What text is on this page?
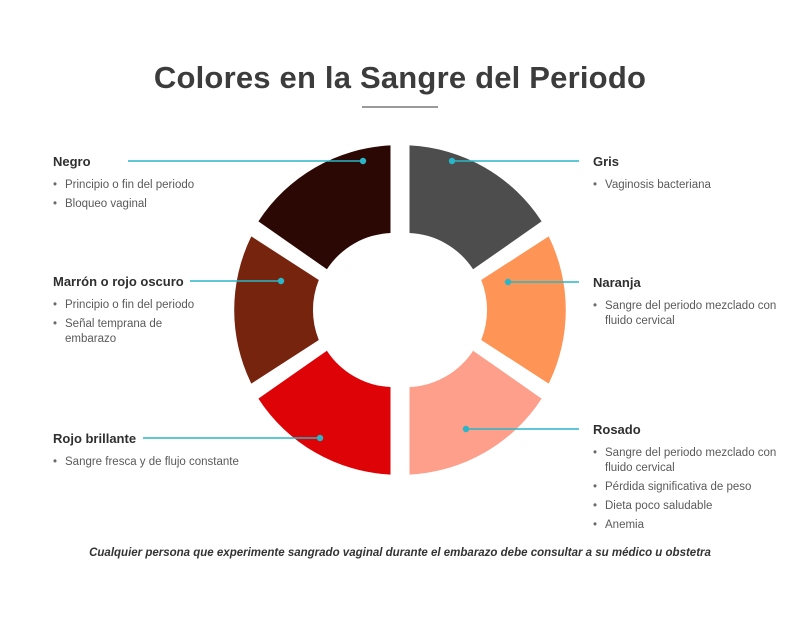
Colores en la Sangre del Periodo
Negro
• Principio o fin del periodo
• Bloqueo vaginal
Marrón o rojo oscuro
• Principio o fin del periodo
• Señal temprana de embarazo
Rojo brillante
• Sangre fresca y de flujo constante
Gris
• Vaginosis bacteriana
Naranja
• Sangre del periodo mezclado con fluido cervical
Rosado
• Sangre del periodo mezclado con fluido cervical
• Pérdida significativa de peso
• Dieta poco saludable
• Anemia
Cualquier persona que experimente sangrado vaginal durante el embarazo debe consultar a su médico u obstetra
